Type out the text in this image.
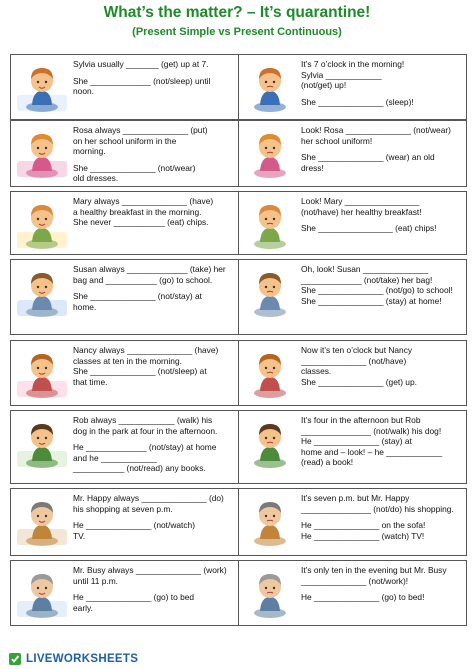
What’s the matter? – It’s quarantine!
(Present Simple vs Present Continuous)
Sylvia usually _______ (get) up at 7.
She _____________ (not/sleep) until
noon.
It’s 7 o’clock in the morning!
Sylvia ____________
(not/get) up!
She ______________ (sleep)!
Rosa always ______________ (put)
on her school uniform in the
morning.
She ______________ (not/wear)
old dresses.
Look! Rosa ______________ (not/wear)
her school uniform!
She ______________ (wear) an old
dress!
Mary always ______________ (have)
a healthy breakfast in the morning.
She never ___________ (eat) chips.
Look! Mary ________________
(not/have) her healthy breakfast!
She ________________ (eat) chips!
Susan always _____________ (take) her
bag and ___________ (go) to school.
She ______________ (not/stay) at
home.
Oh, look! Susan ______________
_____________ (not/take) her bag!
She ______________ (not/go) to school!
She ______________ (stay) at home!
Nancy always ______________ (have)
classes at ten in the morning.
She ______________ (not/sleep) at
that time.
Now it’s ten o’clock but Nancy
______________ (not/have)
classes.
She ______________ (get) up.
Rob always ____________ (walk) his
dog in the park at four in the afternoon.
He _____________ (not/stay) at home
and he ____________
___________ (not/read) any books.
It’s four in the afternoon but Rob
_______________ (not/walk) his dog!
He ______________ (stay) at
home and – look! – he ____________
(read) a book!
Mr. Happy always ______________ (do)
his shopping at seven p.m.
He ______________ (not/watch)
TV.
It’s seven p.m. but Mr. Happy
_______________ (not/do) his shopping.
He ______________ on the sofa!
He ______________ (watch) TV!
Mr. Busy always ______________ (work)
until 11 p.m.
He ______________ (go) to bed
early.
It’s only ten in the evening but Mr. Busy
______________ (not/work)!
He ______________ (go) to bed!
LIVEWORKSHEETS
